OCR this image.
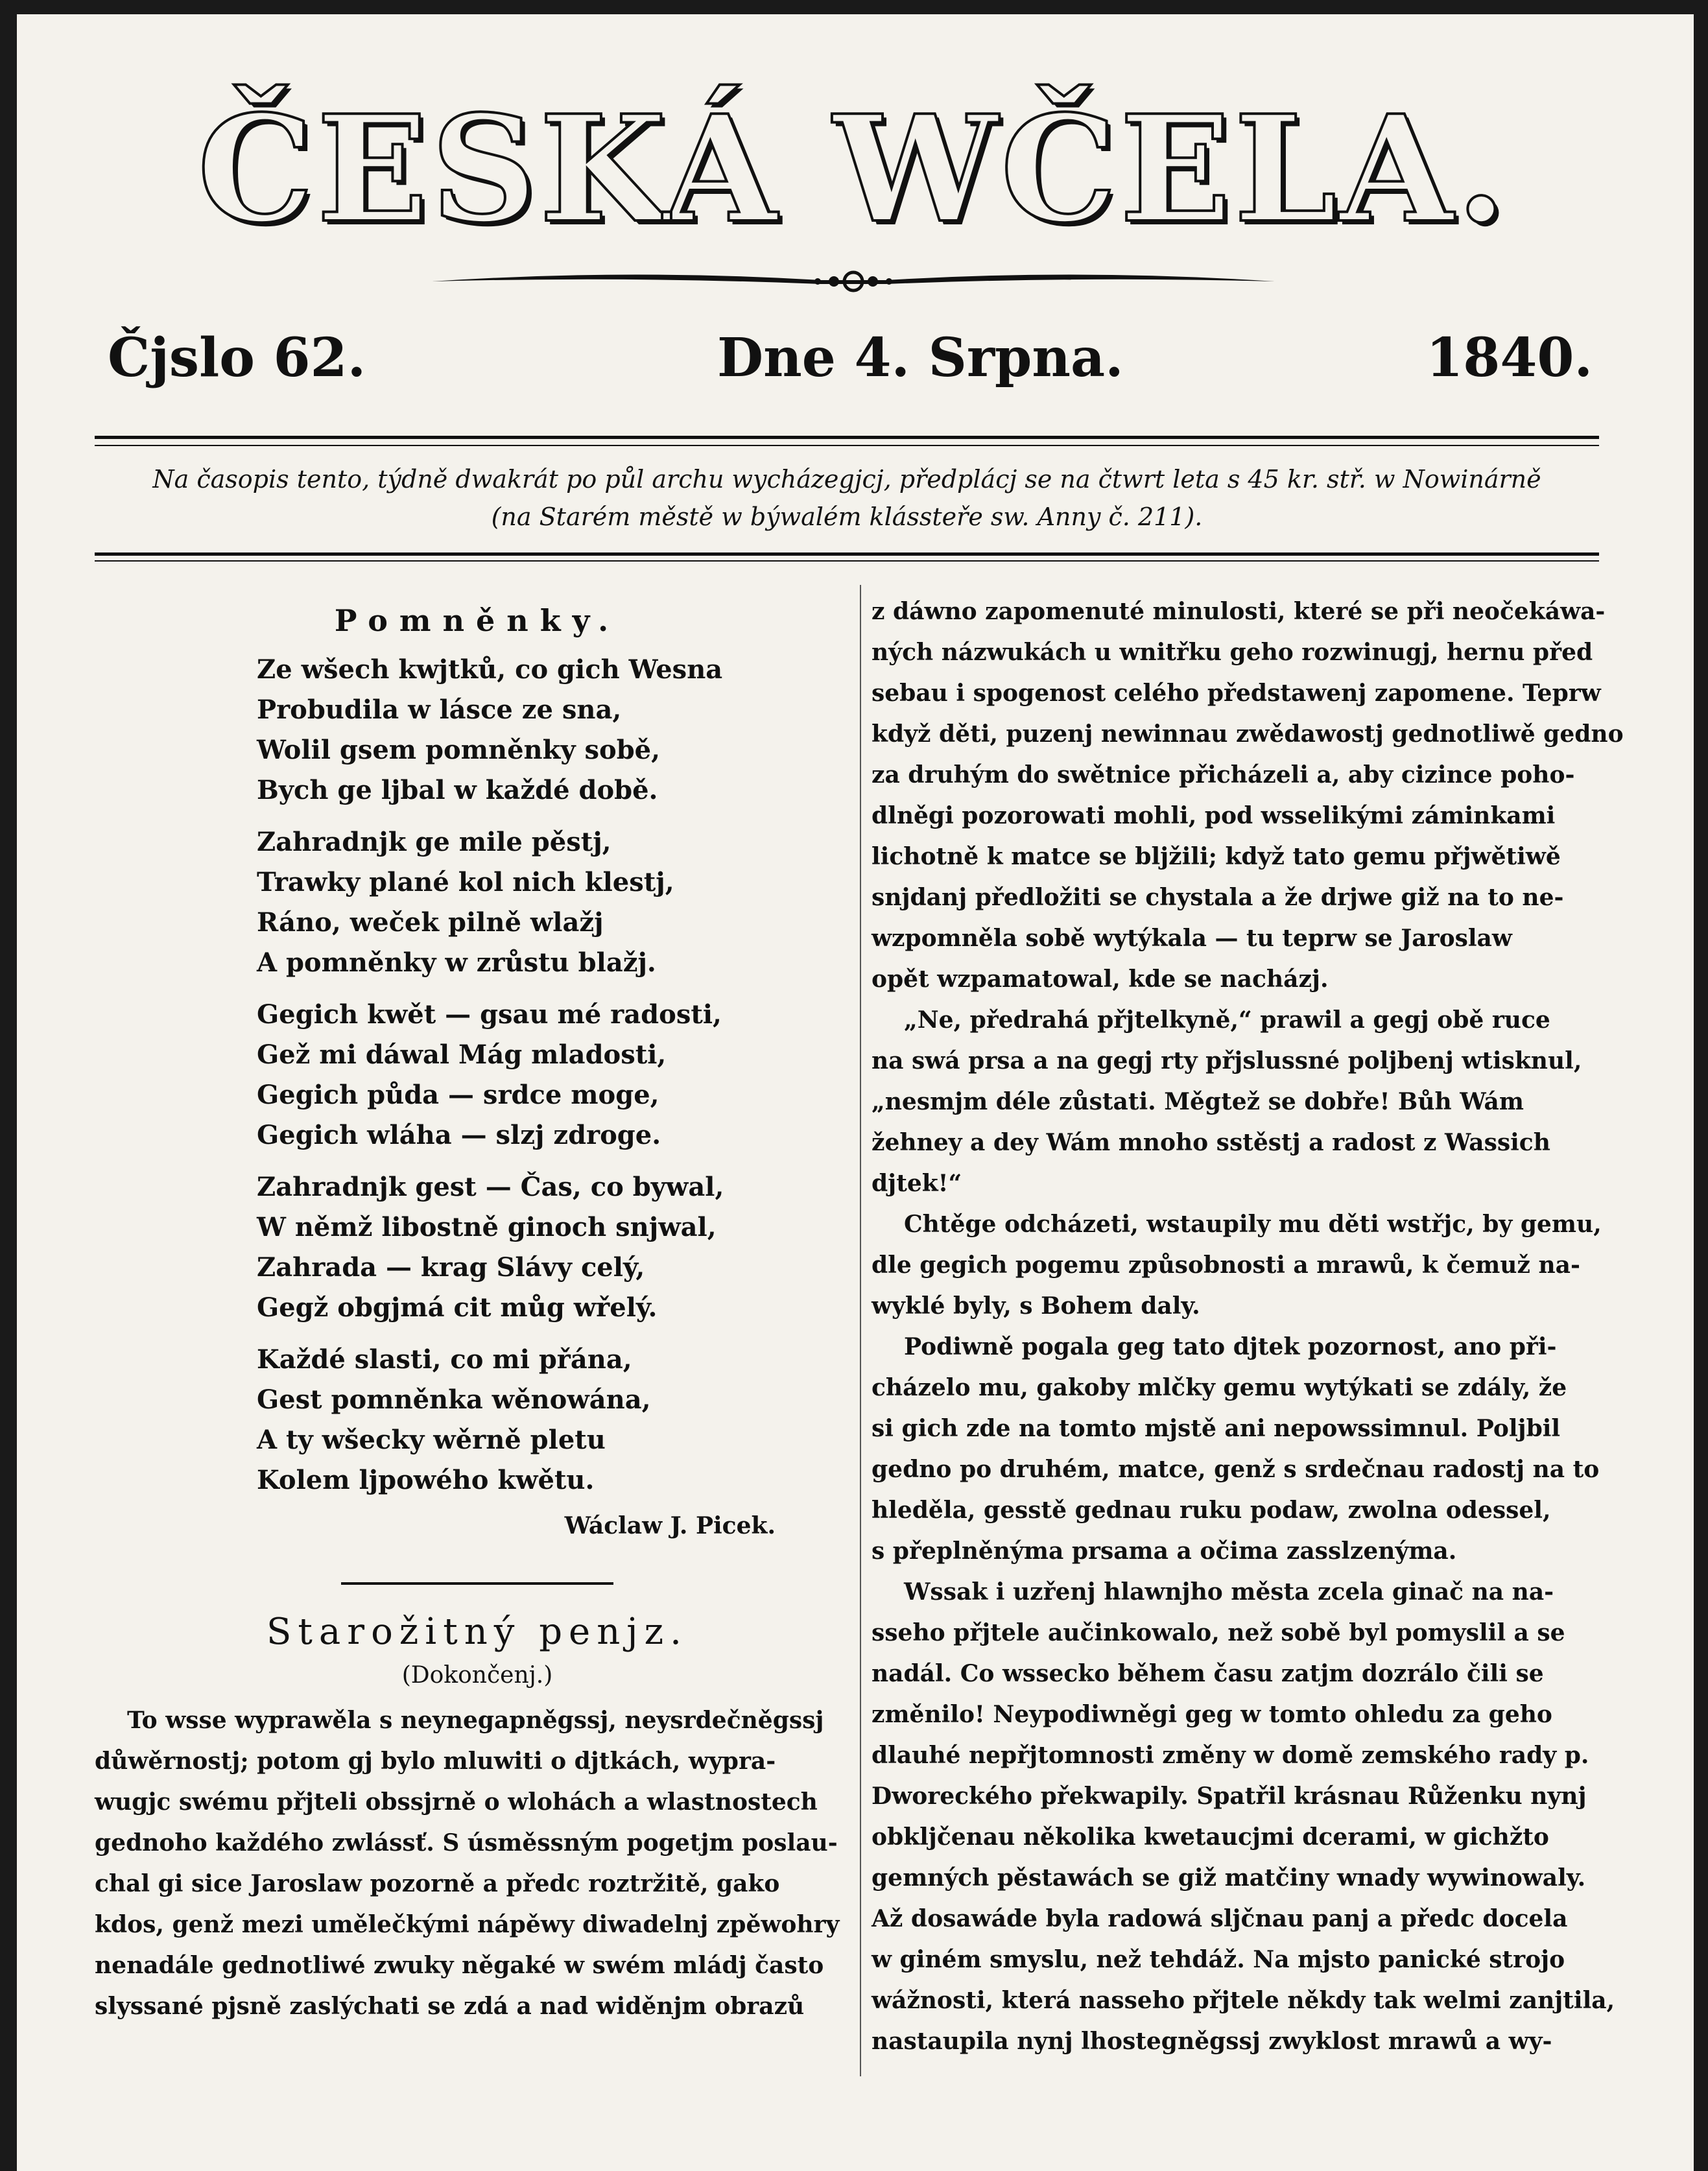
ČESKÁ WČELA.
Čjslo 62.	Dne 4. Srpna.	1840.
Na časopis tento, týdně dwakrát po půl archu wycházegjcj, předplácj se na čtwrt leta s 45 kr. stř. w Nowinárně
(na Starém městě w býwalém klássteře sw. Anny č. 211).
Pomněnky.
Ze wšech kwjtků, co gich Wesna
Probudila w lásce ze sna,
Wolil gsem pomněnky sobě,
Bych ge ljbal w každé době.
Zahradnjk ge mile pěstj,
Trawky plané kol nich klestj,
Ráno, weček pilně wlažj
A pomněnky w zrůstu blažj.
Gegich kwět — gsau mé radosti,
Gež mi dáwal Mág mladosti,
Gegich půda — srdce moge,
Gegich wláha — slzj zdroge.
Zahradnjk gest — Čas, co bywal,
W němž libostně ginoch snjwal,
Zahrada — krag Slávy celý,
Gegž obgjmá cit můg wřelý.
Každé slasti, co mi přána,
Gest pomněnka wěnowána,
A ty wšecky wěrně pletu
Kolem ljpowého kwětu.
Wáclaw J. Picek.
Starožitný penjz.
(Dokončenj.)
To wsse wyprawěla s neynegapněgssj, neysrdečněgssj
důwěrnostj; potom gj bylo mluwiti o djtkách, wypra-
wugjc swému přjteli obssjrně o wlohách a wlastnostech
gednoho každého zwlássť. S úsměssným pogetjm poslau-
chal gi sice Jaroslaw pozorně a předc roztržitě, gako
kdos, genž mezi umělečkými nápěwy diwadelnj zpěwohry
nenadále gednotliwé zwuky něgaké w swém mládj často
slyssané pjsně zaslýchati se zdá a nad widěnjm obrazů
z dáwno zapomenuté minulosti, které se při neočekáwa-
ných názwukách u wnitřku geho rozwinugj, hernu před
sebau i spogenost celého předstawenj zapomene. Teprw
když děti, puzenj newinnau zwědawostj gednotliwě gedno
za druhým do swětnice přicházeli a, aby cizince poho-
dlněgi pozorowati mohli, pod wsselikými záminkami
lichotně k matce se bljžili; když tato gemu přjwětiwě
snjdanj předložiti se chystala a že drjwe giž na to ne-
wzpomněla sobě wytýkala — tu teprw se Jaroslaw
opět wzpamatowal, kde se nacházj.
„Ne, předrahá přjtelkyně,“ prawil a gegj obě ruce
na swá prsa a na gegj rty přjslussné poljbenj wtisknul,
„nesmjm déle zůstati. Měgtež se dobře! Bůh Wám
žehney a dey Wám mnoho sstěstj a radost z Wassich
djtek!“
Chtěge odcházeti, wstaupily mu děti wstřjc, by gemu,
dle gegich pogemu způsobnosti a mrawů, k čemuž na-
wyklé byly, s Bohem daly.
Podiwně pogala geg tato djtek pozornost, ano při-
cházelo mu, gakoby mlčky gemu wytýkati se zdály, že
si gich zde na tomto mjstě ani nepowssimnul. Poljbil
gedno po druhém, matce, genž s srdečnau radostj na to
hleděla, gesstě gednau ruku podaw, zwolna odessel,
s přeplněnýma prsama a očima zasslzenýma.
Wssak i uzřenj hlawnjho města zcela ginač na na-
sseho přjtele aučinkowalo, než sobě byl pomyslil a se
nadál. Co wssecko během času zatjm dozrálo čili se
změnilo! Neypodiwněgi geg w tomto ohledu za geho
dlauhé nepřjtomnosti změny w domě zemského rady p.
Dworeckého překwapily. Spatřil krásnau Růženku nynj
obkljčenau několika kwetaucjmi dcerami, w gichžto
gemných pěstawách se giž matčiny wnady wywinowaly.
Až dosawáde byla radowá sljčnau panj a předc docela
w giném smyslu, než tehdáž. Na mjsto panické strojo
wážnosti, která nasseho přjtele někdy tak welmi zanjtila,
nastaupila nynj lhostegněgssj zwyklost mrawů a wy-
